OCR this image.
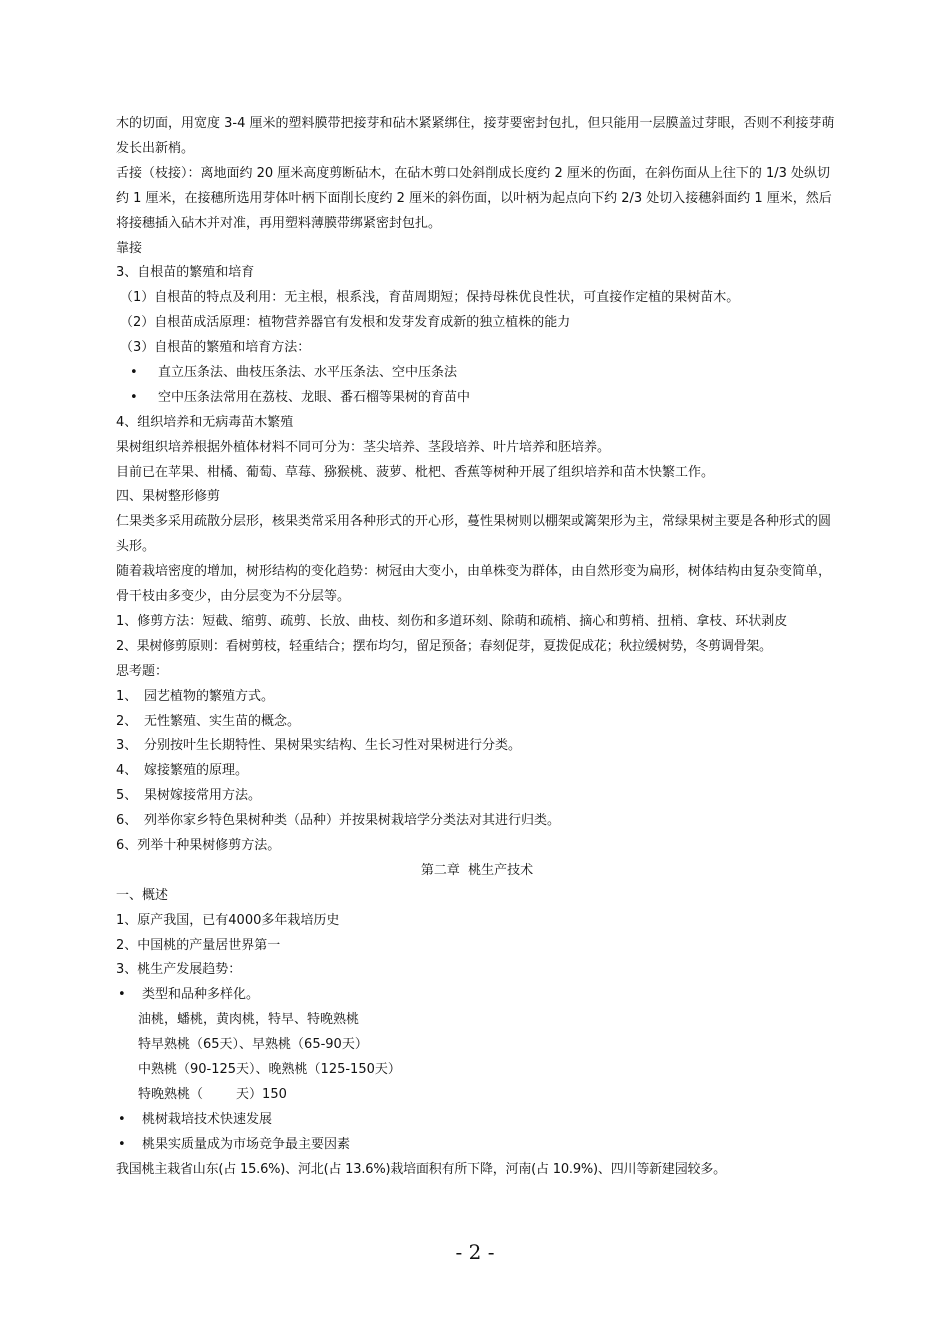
木的切面，用宽度 3-4 厘米的塑料膜带把接芽和砧木紧紧绑住，接芽要密封包扎，但只能用一层膜盖过芽眼，否则不利接芽萌发长出新梢。
舌接（枝接）：离地面约 20 厘米高度剪断砧木，在砧木剪口处斜削成长度约 2 厘米的伤面，在斜伤面从上往下的 1/3 处纵切约 1 厘米，在接穗所选用芽体叶柄下面削长度约 2 厘米的斜伤面，以叶柄为起点向下约 2/3 处切入接穗斜面约 1 厘米，然后将接穗插入砧木并对准，再用塑料薄膜带绑紧密封包扎。
靠接
3、自根苗的繁殖和培育
（1）自根苗的特点及利用：无主根，根系浅，育苗周期短；保持母株优良性状，可直接作定植的果树苗木。
（2）自根苗成活原理：植物营养器官有发根和发芽发育成新的独立植株的能力
（3）自根苗的繁殖和培育方法：
• 直立压条法、曲枝压条法、水平压条法、空中压条法
• 空中压条法常用在荔枝、龙眼、番石榴等果树的育苗中
4、组织培养和无病毒苗木繁殖
果树组织培养根据外植体材料不同可分为：茎尖培养、茎段培养、叶片培养和胚培养。
目前已在苹果、柑橘、葡萄、草莓、猕猴桃、菠萝、枇杷、香蕉等树种开展了组织培养和苗木快繁工作。
四、果树整形修剪
仁果类多采用疏散分层形，核果类常采用各种形式的开心形，蔓性果树则以棚架或篱架形为主，常绿果树主要是各种形式的圆头形。
随着栽培密度的增加，树形结构的变化趋势：树冠由大变小，由单株变为群体，由自然形变为扁形，树体结构由复杂变简单，骨干枝由多变少，由分层变为不分层等。
1、修剪方法：短截、缩剪、疏剪、长放、曲枝、刻伤和多道环刻、除萌和疏梢、摘心和剪梢、扭梢、拿枝、环状剥皮
2、果树修剪原则：看树剪枝，轻重结合；摆布均匀，留足预备；春刻促芽，夏拨促成花；秋拉缓树势，冬剪调骨架。
思考题：
1、 园艺植物的繁殖方式。
2、 无性繁殖、实生苗的概念。
3、 分别按叶生长期特性、果树果实结构、生长习性对果树进行分类。
4、 嫁接繁殖的原理。
5、 果树嫁接常用方法。
6、 列举你家乡特色果树种类（品种）并按果树栽培学分类法对其进行归类。
6、列举十种果树修剪方法。
第二章  桃生产技术
一、概述
1、原产我国，已有4000多年栽培历史
2、中国桃的产量居世界第一
3、桃生产发展趋势：
• 类型和品种多样化。
油桃，蟠桃，黄肉桃，特早、特晚熟桃
特早熟桃（65天）、早熟桃（65-90天）
中熟桃（90-125天）、晚熟桃（125-150天）
特晚熟桃（        天）150
• 桃树栽培技术快速发展
• 桃果实质量成为市场竞争最主要因素
我国桃主栽省山东(占 15.6%)、河北(占 13.6%)栽培面积有所下降，河南(占 10.9%)、四川等新建园较多。
- 2 -
